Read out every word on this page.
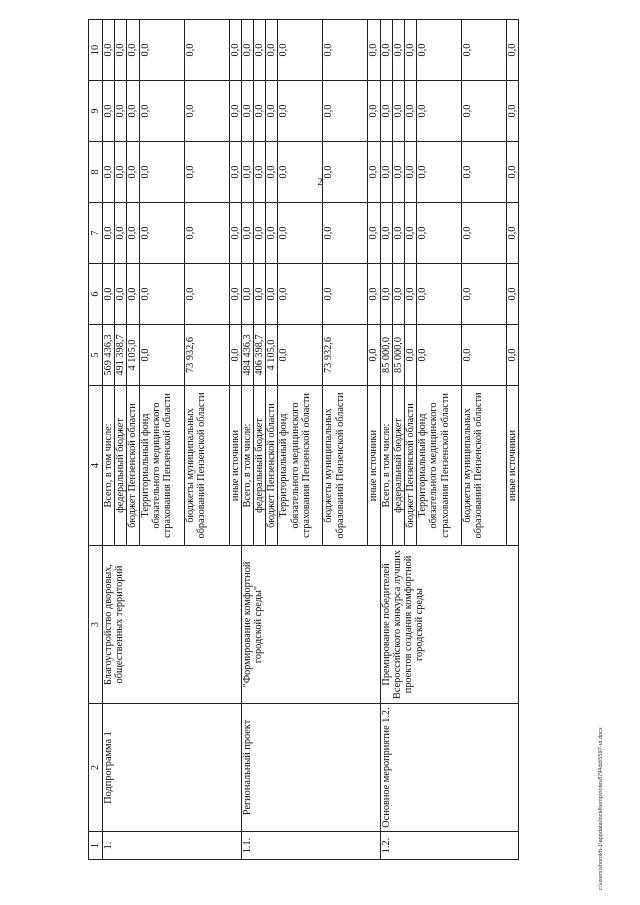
2
1	2	3	4	5	6	7	8	9	10
1.	Подпрограмма 1	Благоустройство дворовых, общественных территорий	Всего, в том числе:	569 436,3	0,0	0,0	0,0	0,0	0,0
			федеральный бюджет	491 398,7	0,0	0,0	0,0	0,0	0,0
			бюджет Пензенской области	4 105,0	0,0	0,0	0,0	0,0	0,0
			Территориальный фонд обязательного медицинского страхования Пензенской области	0,0	0,0	0,0	0,0	0,0	0,0
			бюджеты муниципальных образований Пензенской области	73 932,6	0,0	0,0	0,0	0,0	0,0
			иные источники	0,0	0,0	0,0	0,0	0,0	0,0
1.1.	Региональный проект	"Формирование комфортной городской среды"	Всего, в том числе:	484 436,3	0,0	0,0	0,0	0,0	0,0
			федеральный бюджет	406 398,7	0,0	0,0	0,0	0,0	0,0
			бюджет Пензенской области	4 105,0	0,0	0,0	0,0	0,0	0,0
			Территориальный фонд обязательного медицинского страхования Пензенской области	0,0	0,0	0,0	0,0	0,0	0,0
			бюджеты муниципальных образований Пензенской области	73 932,6	0,0	0,0	0,0	0,0	0,0
			иные источники	0,0	0,0	0,0	0,0	0,0	0,0
1.2.	Основное мероприятие 1.2.	Премирование победителей Всероссийского конкурса лучших проектов создания комфортной городской среды	Всего, в том числе:	85 000,0	0,0	0,0	0,0	0,0	0,0
			федеральный бюджет	85 000,0	0,0	0,0	0,0	0,0	0,0
			бюджет Пензенской области	0,0	0,0	0,0	0,0	0,0	0,0
			Территориальный фонд обязательного медицинского страхования Пензенской области	0,0	0,0	0,0	0,0	0,0	0,0
			бюджеты муниципальных образований Пензенской области	0,0	0,0	0,0	0,0	0,0	0,0
			иные источники	0,0	0,0	0,0	0,0	0,0	0,0
c:\users\shorokh-1\appdata\local\temp\notes8794dd\5597-ur.docx
